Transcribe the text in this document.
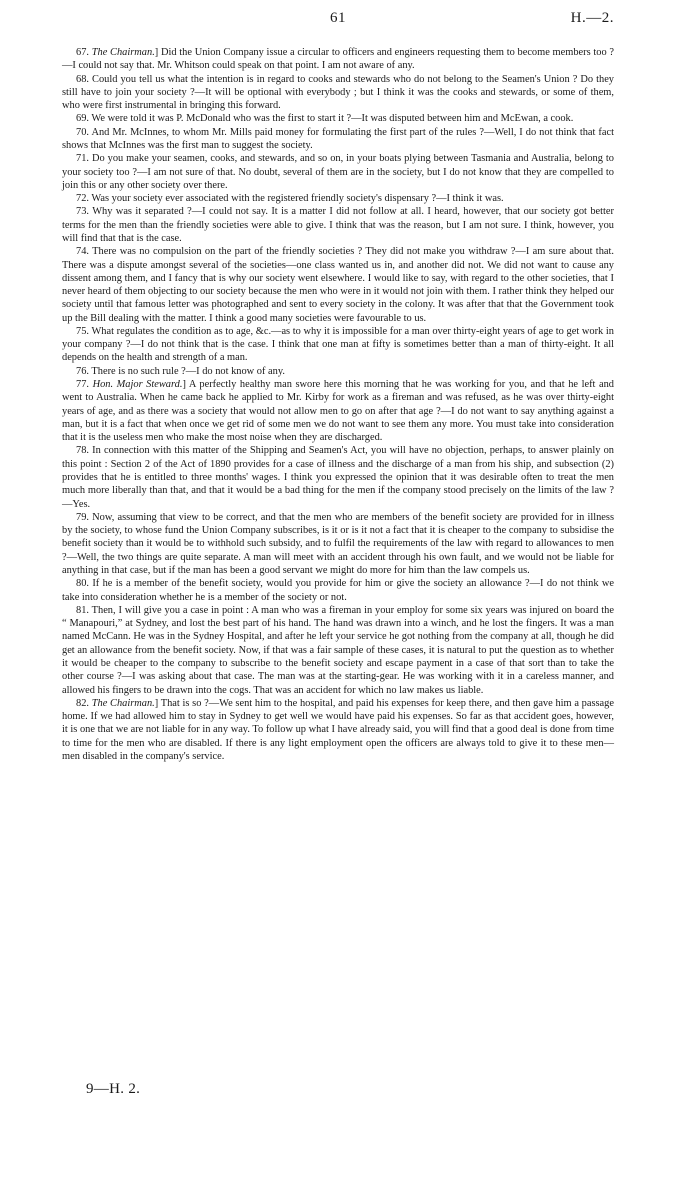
61	H.—2.

67. The Chairman.] Did the Union Company issue a circular to officers and engineers requesting them to become members too ?—I could not say that. Mr. Whitson could speak on that point. I am not aware of any.

68. Could you tell us what the intention is in regard to cooks and stewards who do not belong to the Seamen's Union ? Do they still have to join your society ?—It will be optional with everybody ; but I think it was the cooks and stewards, or some of them, who were first instrumental in bringing this forward.

69. We were told it was P. McDonald who was the first to start it ?—It was disputed between him and McEwan, a cook.

70. And Mr. McInnes, to whom Mr. Mills paid money for formulating the first part of the rules ?—Well, I do not think that fact shows that McInnes was the first man to suggest the society.

71. Do you make your seamen, cooks, and stewards, and so on, in your boats plying between Tasmania and Australia, belong to your society too ?—I am not sure of that. No doubt, several of them are in the society, but I do not know that they are compelled to join this or any other society over there.

72. Was your society ever associated with the registered friendly society's dispensary ?—I think it was.

73. Why was it separated ?—I could not say. It is a matter I did not follow at all. I heard, however, that our society got better terms for the men than the friendly societies were able to give. I think that was the reason, but I am not sure. I think, however, you will find that that is the case.

74. There was no compulsion on the part of the friendly societies ? They did not make you withdraw ?—I am sure about that. There was a dispute amongst several of the societies—one class wanted us in, and another did not. We did not want to cause any dissent among them, and I fancy that is why our society went elsewhere. I would like to say, with regard to the other societies, that I never heard of them objecting to our society because the men who were in it would not join with them. I rather think they helped our society until that famous letter was photographed and sent to every society in the colony. It was after that that the Government took up the Bill dealing with the matter. I think a good many societies were favourable to us.

75. What regulates the condition as to age, &c.—as to why it is impossible for a man over thirty-eight years of age to get work in your company ?—I do not think that is the case. I think that one man at fifty is sometimes better than a man of thirty-eight. It all depends on the health and strength of a man.

76. There is no such rule ?—I do not know of any.

77. Hon. Major Steward.] A perfectly healthy man swore here this morning that he was working for you, and that he left and went to Australia. When he came back he applied to Mr. Kirby for work as a fireman and was refused, as he was over thirty-eight years of age, and as there was a society that would not allow men to go on after that age ?—I do not want to say anything against a man, but it is a fact that when once we get rid of some men we do not want to see them any more. You must take into consideration that it is the useless men who make the most noise when they are discharged.

78. In connection with this matter of the Shipping and Seamen's Act, you will have no objection, perhaps, to answer plainly on this point : Section 2 of the Act of 1890 provides for a case of illness and the discharge of a man from his ship, and subsection (2) provides that he is entitled to three months' wages. I think you expressed the opinion that it was desirable often to treat the men much more liberally than that, and that it would be a bad thing for the men if the company stood precisely on the limits of the law ?—Yes.

79. Now, assuming that view to be correct, and that the men who are members of the benefit society are provided for in illness by the society, to whose fund the Union Company subscribes, is it or is it not a fact that it is cheaper to the company to subsidise the benefit society than it would be to withhold such subsidy, and to fulfil the requirements of the law with regard to allowances to men ?—Well, the two things are quite separate. A man will meet with an accident through his own fault, and we would not be liable for anything in that case, but if the man has been a good servant we might do more for him than the law compels us.

80. If he is a member of the benefit society, would you provide for him or give the society an allowance ?—I do not think we take into consideration whether he is a member of the society or not.

81. Then, I will give you a case in point : A man who was a fireman in your employ for some six years was injured on board the “ Manapouri,” at Sydney, and lost the best part of his hand. The hand was drawn into a winch, and he lost the fingers. It was a man named McCann. He was in the Sydney Hospital, and after he left your service he got nothing from the company at all, though he did get an allowance from the benefit society. Now, if that was a fair sample of these cases, it is natural to put the question as to whether it would be cheaper to the company to subscribe to the benefit society and escape payment in a case of that sort than to take the other course ?—I was asking about that case. The man was at the starting-gear. He was working with it in a careless manner, and allowed his fingers to be drawn into the cogs. That was an accident for which no law makes us liable.

82. The Chairman.] That is so ?—We sent him to the hospital, and paid his expenses for keep there, and then gave him a passage home. If we had allowed him to stay in Sydney to get well we would have paid his expenses. So far as that accident goes, however, it is one that we are not liable for in any way. To follow up what I have already said, you will find that a good deal is done from time to time for the men who are disabled. If there is any light employment open the officers are always told to give it to these men—men disabled in the company's service.

9—H. 2.
